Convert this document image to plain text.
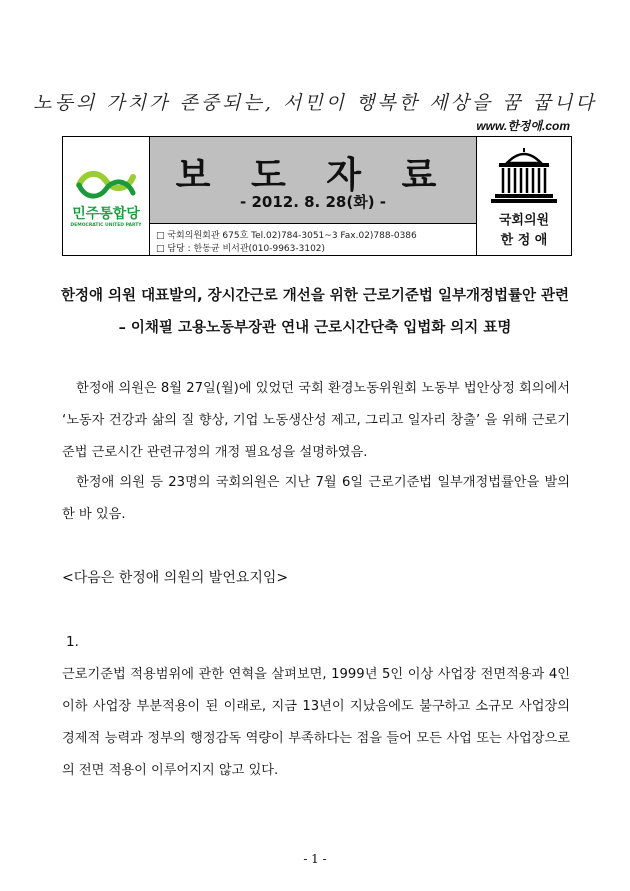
노동의 가치가 존중되는, 서민이 행복한 세상을 꿈 꿉니다
www.한정애.com
민주통합당
DEMOCRATIC UNITED PARTY
보 도 자 료
- 2012. 8. 28(화) -
□ 국회의원회관 675호 Tel.02)784-3051~3 Fax.02)788-0386
□ 담당 : 한동균 비서관(010-9963-3102)
국회의원
한 정 애
한정애 의원 대표발의, 장시간근로 개선을 위한 근로기준법 일부개정법률안 관련
– 이채필 고용노동부장관 연내 근로시간단축 입법화 의지 표명

한정애 의원은 8월 27일(월)에 있었던 국회 환경노동위원회 노동부 법안상정 회의에서 ‘노동자 건강과 삶의 질 향상, 기업 노동생산성 제고, 그리고 일자리 창출’ 을 위해 근로기준법 근로시간 관련규정의 개정 필요성을 설명하였음.

한정애 의원 등 23명의 국회의원은 지난 7월 6일 근로기준법 일부개정법률안을 발의한 바 있음.

<다음은 한정애 의원의 발언요지임>
1.

근로기준법 적용범위에 관한 연혁을 살펴보면, 1999년 5인 이상 사업장 전면적용과 4인 이하 사업장 부분적용이 된 이래로, 지금 13년이 지났음에도 불구하고 소규모 사업장의 경제적 능력과 정부의 행정감독 역량이 부족하다는 점을 들어 모든 사업 또는 사업장으로의 전면 적용이 이루어지지 않고 있다.

- 1 -
